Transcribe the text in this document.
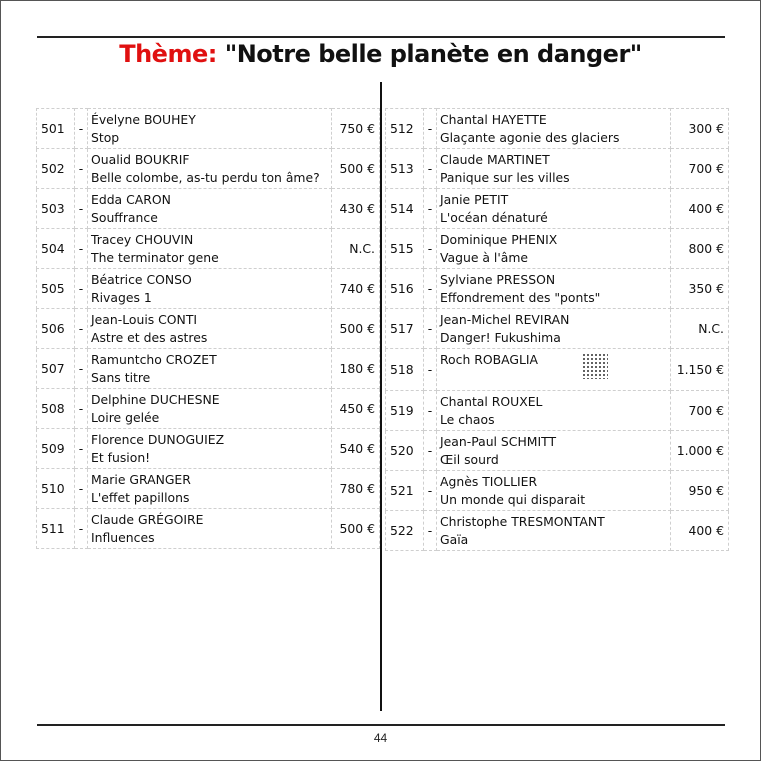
Thème: "Notre belle planète en danger"
501	-	Évelyne BOUHEY
Stop	750 €
502	-	Oualid BOUKRIF
Belle colombe, as-tu perdu ton âme?	500 €
503	-	Edda CARON
Souffrance	430 €
504	-	Tracey CHOUVIN
The terminator gene	N.C.
505	-	Béatrice CONSO
Rivages 1	740 €
506	-	Jean-Louis CONTI
Astre et des astres	500 €
507	-	Ramuntcho CROZET
Sans titre	180 €
508	-	Delphine DUCHESNE
Loire gelée	450 €
509	-	Florence DUNOGUIEZ
Et fusion!	540 €
510	-	Marie GRANGER
L'effet papillons	780 €
511	-	Claude GRÉGOIRE
Influences	500 €
512	-	Chantal HAYETTE
Glaçante agonie des glaciers	300 €
513	-	Claude MARTINET
Panique sur les villes	700 €
514	-	Janie PETIT
L'océan dénaturé	400 €
515	-	Dominique PHENIX
Vague à l'âme	800 €
516	-	Sylviane PRESSON
Effondrement des "ponts"	350 €
517	-	Jean-Michel REVIRAN
Danger! Fukushima	N.C.
518	-	Roch ROBAGLIA	1.150 €
519	-	Chantal ROUXEL
Le chaos	700 €
520	-	Jean-Paul SCHMITT
Œil sourd	1.000 €
521	-	Agnès TIOLLIER
Un monde qui disparait	950 €
522	-	Christophe TRESMONTANT
Gaïa	400 €
44
